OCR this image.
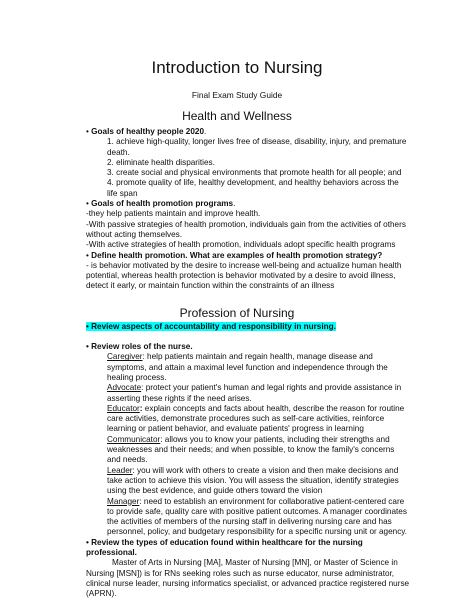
Introduction to Nursing
Final Exam Study Guide
Health and Wellness

• Goals of healthy people 2020.

1. achieve high-quality, longer lives free of disease, disability, injury, and premature death.

2. eliminate health disparities.

3. create social and physical environments that promote health for all people; and

4. promote quality of life, healthy development, and healthy behaviors across the life span

• Goals of health promotion programs.

-they help patients maintain and improve health.

-With passive strategies of health promotion, individuals gain from the activities of others without acting themselves.

-With active strategies of health promotion, individuals adopt specific health programs

• Define health promotion. What are examples of health promotion strategy?

- is behavior motivated by the desire to increase well-being and actualize human health potential, whereas health protection is behavior motivated by a desire to avoid illness, detect it early, or maintain function within the constraints of an illness

Profession of Nursing

• Review aspects of accountability and responsibility in nursing.

• Review roles of the nurse.

Caregiver: help patients maintain and regain health, manage disease and symptoms, and attain a maximal level function and independence through the healing process.

Advocate: protect your patient's human and legal rights and provide assistance in asserting these rights if the need arises.

Educator: explain concepts and facts about health, describe the reason for routine care activities, demonstrate procedures such as self-care activities, reinforce learning or patient behavior, and evaluate patients' progress in learning

Communicator: allows you to know your patients, including their strengths and weaknesses and their needs; and when possible, to know the family's concerns and needs.

Leader: you will work with others to create a vision and then make decisions and take action to achieve this vision. You will assess the situation, identify strategies using the best evidence, and guide others toward the vision

Manager: need to establish an environment for collaborative patient-centered care to provide safe, quality care with positive patient outcomes. A manager coordinates the activities of members of the nursing staff in delivering nursing care and has personnel, policy, and budgetary responsibility for a specific nursing unit or agency.

• Review the types of education found within healthcare for the nursing professional.

Master of Arts in Nursing [MA], Master of Nursing [MN], or Master of Science in Nursing [MSN]) is for RNs seeking roles such as nurse educator, nurse administrator, clinical nurse leader, nursing informatics specialist, or advanced practice registered nurse (APRN).
